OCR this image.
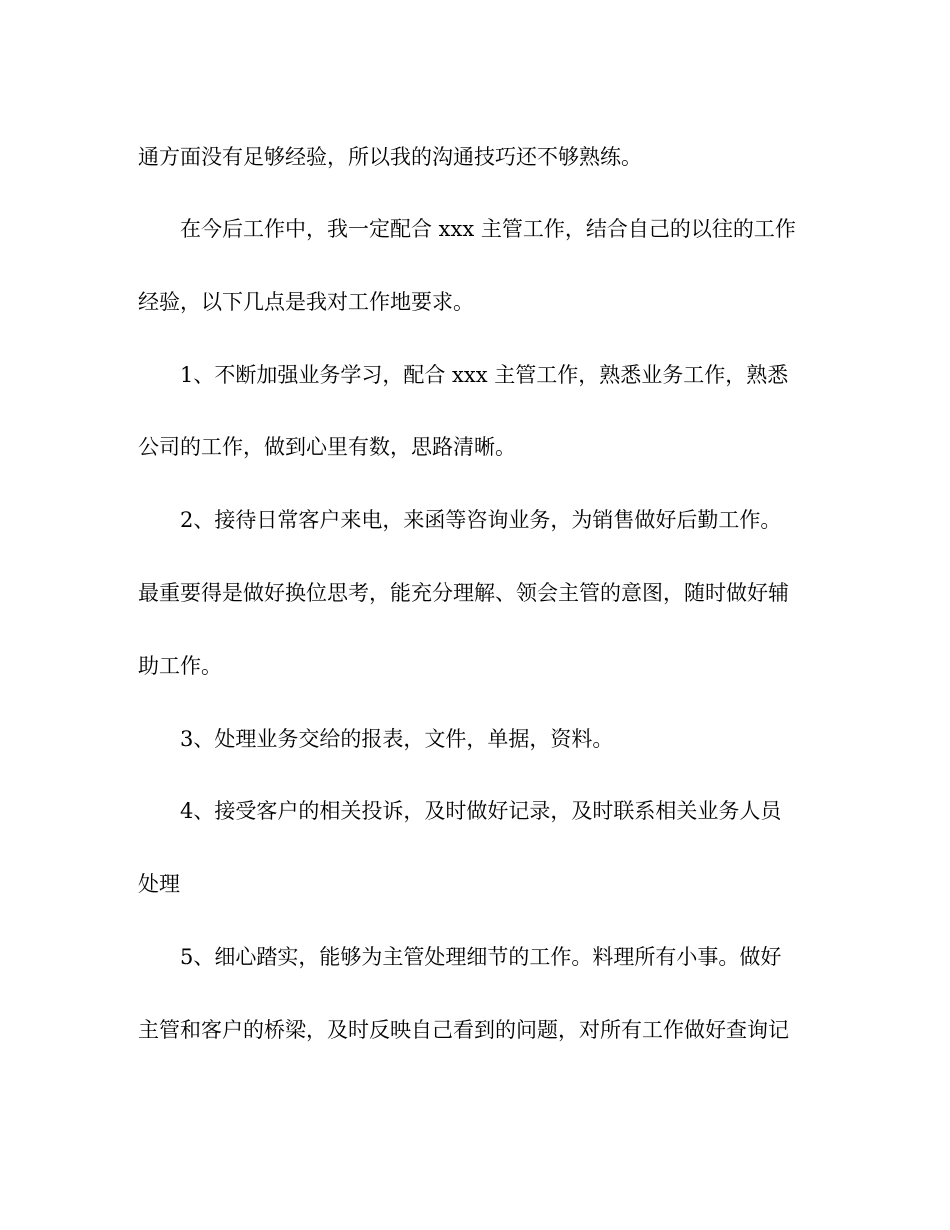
通方面没有足够经验，所以我的沟通技巧还不够熟练。

在今后工作中，我一定配合 xxx 主管工作，结合自己的以往的工作

经验，以下几点是我对工作地要求。

1、不断加强业务学习，配合 xxx 主管工作，熟悉业务工作，熟悉

公司的工作，做到心里有数，思路清晰。

2、接待日常客户来电，来函等咨询业务，为销售做好后勤工作。

最重要得是做好换位思考，能充分理解、领会主管的意图，随时做好辅

助工作。

3、处理业务交给的报表，文件，单据，资料。

4、接受客户的相关投诉，及时做好记录，及时联系相关业务人员

处理

5、细心踏实，能够为主管处理细节的工作。料理所有小事。做好

主管和客户的桥梁，及时反映自己看到的问题，对所有工作做好查询记
